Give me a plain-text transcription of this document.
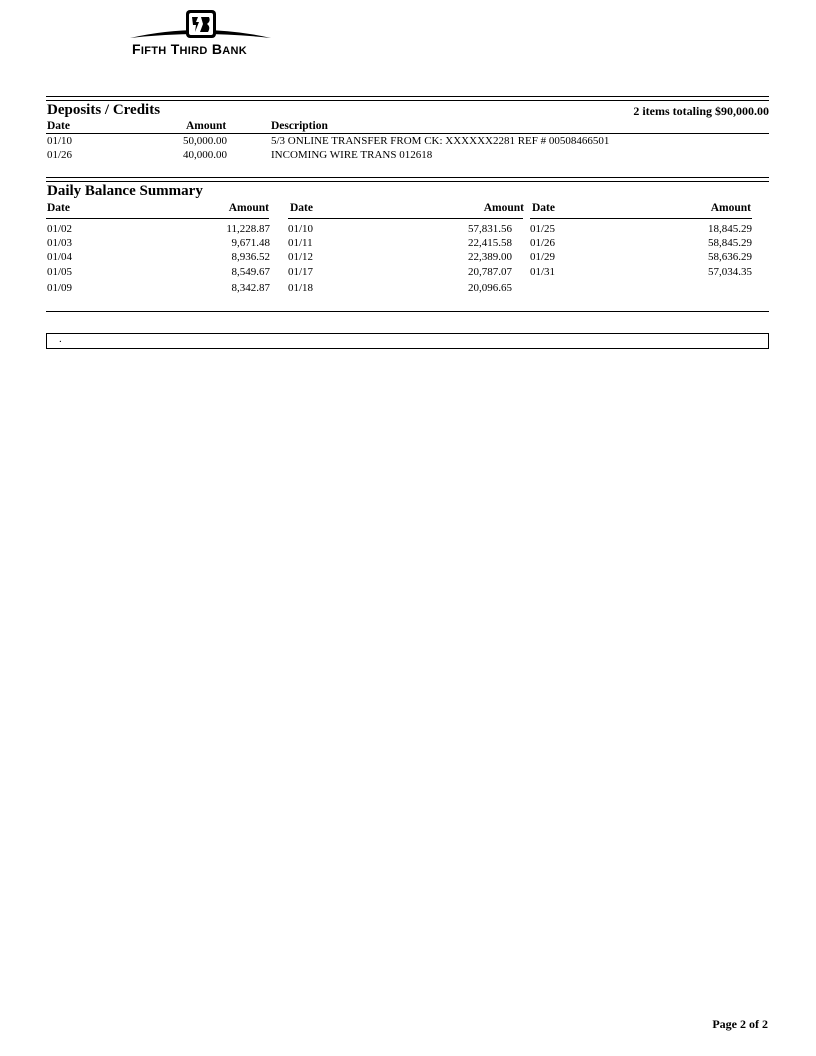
FIFTH THIRD BANK
Deposits / Credits	2 items totaling $90,000.00
Date	Amount	Description
01/10	50,000.00	5/3 ONLINE TRANSFER FROM CK: XXXXXX2281 REF # 00508466501
01/26	40,000.00	INCOMING WIRE TRANS 012618
Daily Balance Summary
Date	Amount Date	Amount Date	Amount
01/02	11,228.87 01/10	57,831.56 01/25	18,845.29
01/03	9,671.48 01/11	22,415.58 01/26	58,845.29
01/04	8,936.52 01/12	22,389.00 01/29	58,636.29
01/05	8,549.67 01/17	20,787.07 01/31	57,034.35
01/09	8,342.87 01/18	20,096.65
.
Page 2 of 2
